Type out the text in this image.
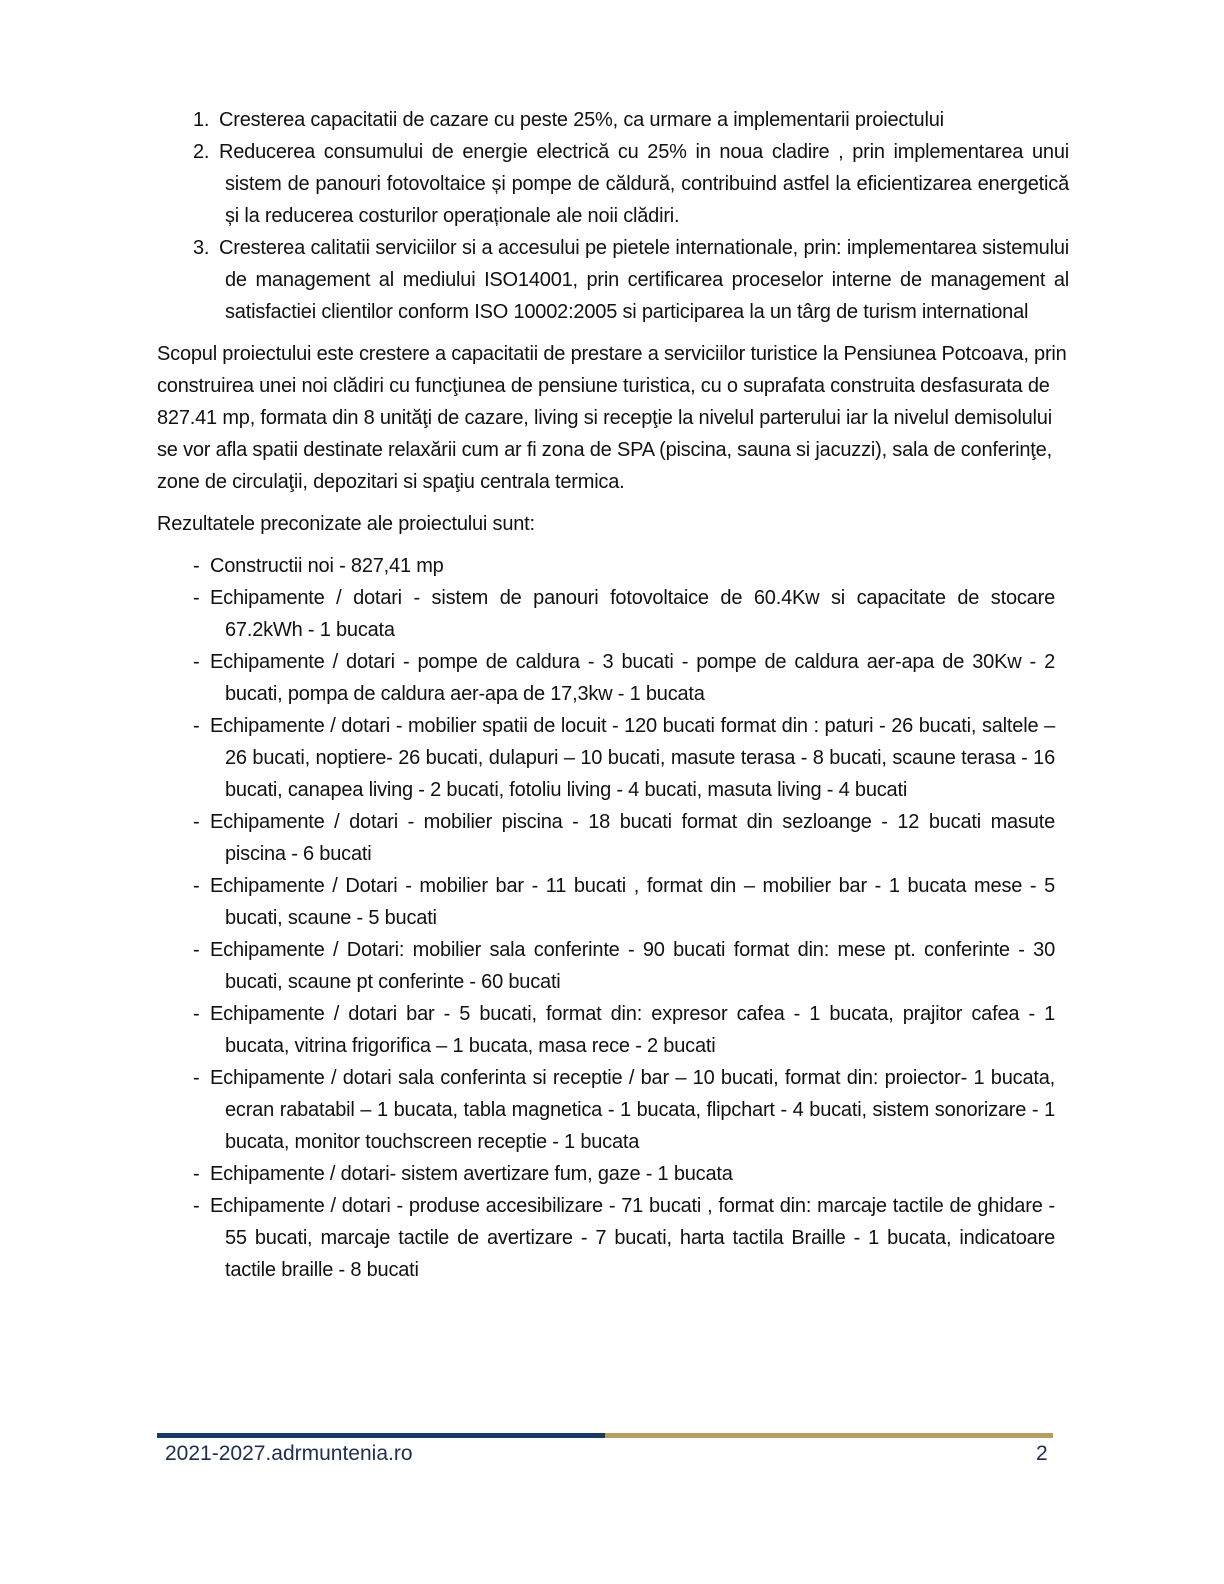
1. Cresterea capacitatii de cazare cu peste 25%, ca urmare a implementarii proiectului
2. Reducerea consumului de energie electrică cu 25% in noua cladire , prin implementarea unui sistem de panouri fotovoltaice și pompe de căldură, contribuind astfel la eficientizarea energetică și la reducerea costurilor operaționale ale noii clădiri.
3. Cresterea calitatii serviciilor si a accesului pe pietele internationale, prin: implementarea sistemului de management al mediului ISO14001, prin certificarea proceselor interne de management al satisfactiei clientilor conform ISO 10002:2005 si participarea la un târg de turism international

Scopul proiectului este crestere a capacitatii de prestare a serviciilor turistice la Pensiunea Potcoava, prin construirea unei noi clădiri cu funcţiunea de pensiune turistica, cu o suprafata construita desfasurata de 827.41 mp, formata din 8 unităţi de cazare, living si recepţie la nivelul parterului iar la nivelul demisolului se vor afla spatii destinate relaxării cum ar fi zona de SPA (piscina, sauna si jacuzzi), sala de conferinţe, zone de circulaţii, depozitari si spaţiu centrala termica.

Rezultatele preconizate ale proiectului sunt:

- Constructii noi - 827,41 mp
- Echipamente / dotari - sistem de panouri fotovoltaice de 60.4Kw si capacitate de stocare 67.2kWh - 1 bucata
- Echipamente / dotari - pompe de caldura - 3 bucati - pompe de caldura aer-apa de 30Kw - 2 bucati, pompa de caldura aer-apa de 17,3kw - 1 bucata
- Echipamente / dotari - mobilier spatii de locuit - 120 bucati format din : paturi - 26 bucati, saltele – 26 bucati, noptiere- 26 bucati, dulapuri – 10 bucati, masute terasa - 8 bucati, scaune terasa - 16 bucati, canapea living - 2 bucati, fotoliu living - 4 bucati, masuta living - 4 bucati
- Echipamente / dotari - mobilier piscina - 18 bucati format din sezloange - 12 bucati masute piscina - 6 bucati
- Echipamente / Dotari - mobilier bar - 11 bucati , format din – mobilier bar - 1 bucata mese - 5 bucati, scaune - 5 bucati
- Echipamente / Dotari: mobilier sala conferinte - 90 bucati format din: mese pt. conferinte - 30 bucati, scaune pt conferinte - 60 bucati
- Echipamente / dotari bar - 5 bucati, format din: expresor cafea - 1 bucata, prajitor cafea - 1 bucata, vitrina frigorifica – 1 bucata, masa rece - 2 bucati
- Echipamente / dotari sala conferinta si receptie / bar – 10 bucati, format din: proiector- 1 bucata, ecran rabatabil – 1 bucata, tabla magnetica - 1 bucata, flipchart - 4 bucati, sistem sonorizare - 1 bucata, monitor touchscreen receptie - 1 bucata
- Echipamente / dotari- sistem avertizare fum, gaze - 1 bucata
- Echipamente / dotari - produse accesibilizare - 71 bucati , format din: marcaje tactile de ghidare - 55 bucati, marcaje tactile de avertizare - 7 bucati, harta tactila Braille - 1 bucata, indicatoare tactile braille - 8 bucati
2021-2027.adrmuntenia.ro	2
